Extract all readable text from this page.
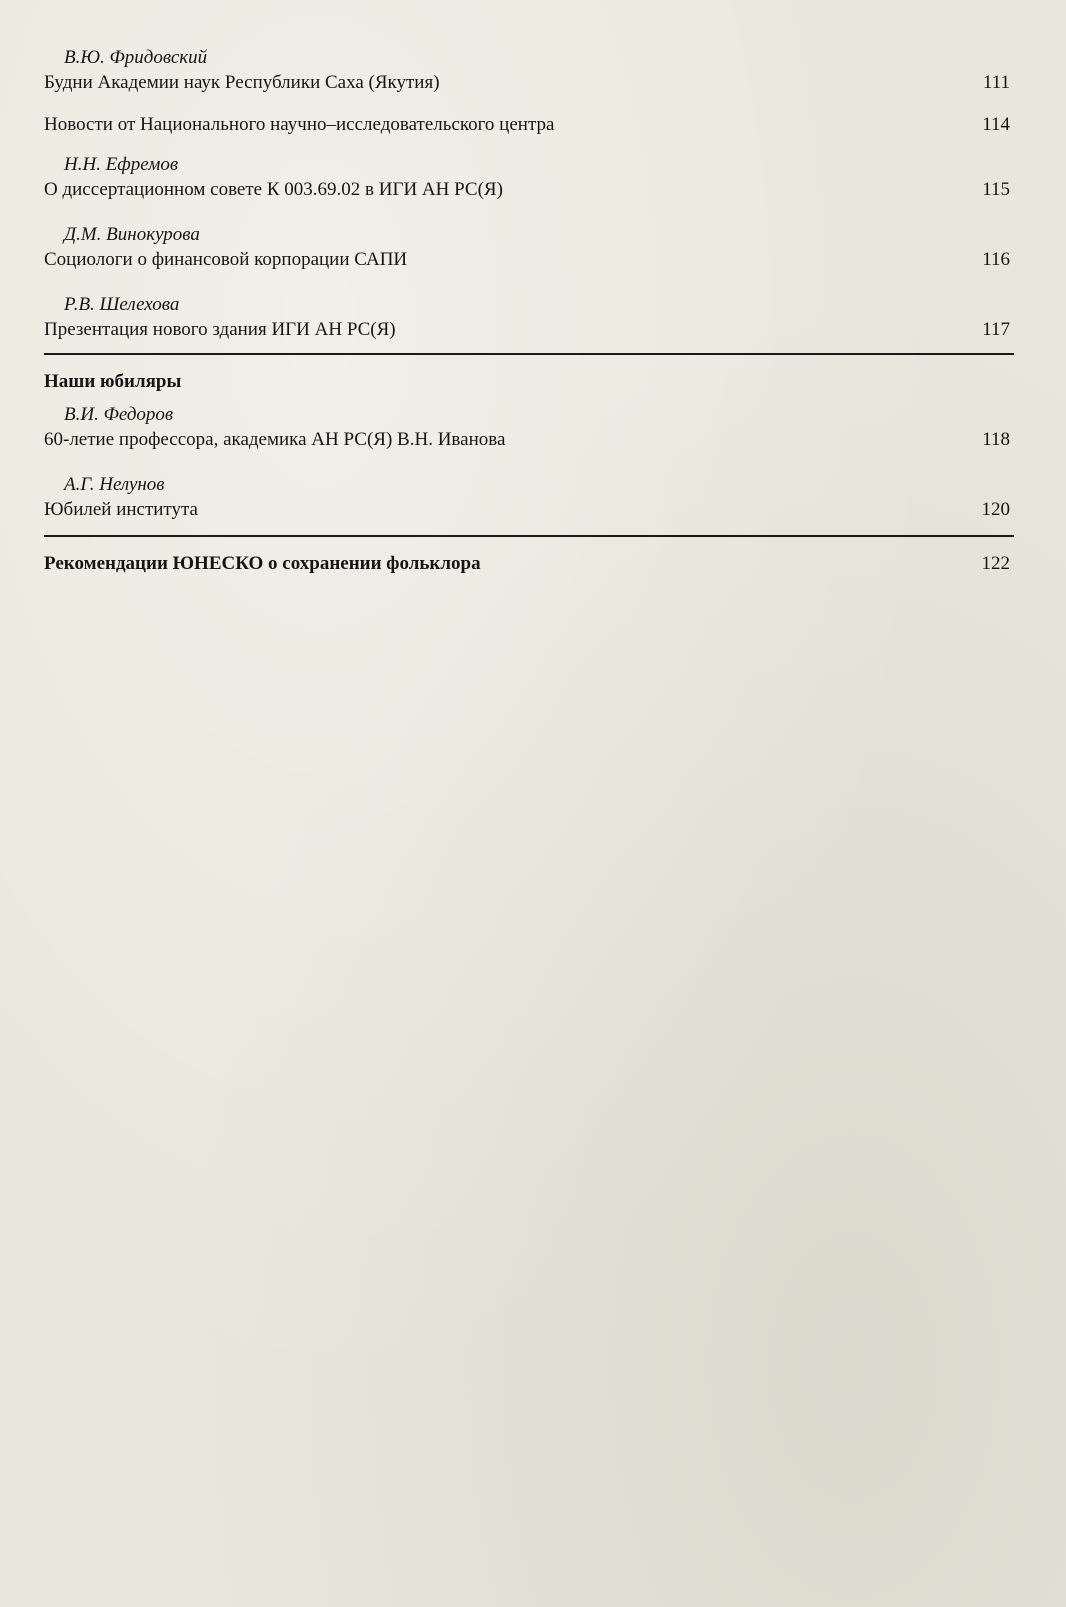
В.Ю. Фридовский

Будни Академии наук Республики Саха (Якутия)	111
Новости от Национального научно–исследовательского центра	114

Н.Н. Ефремов

О диссертационном совете К 003.69.02 в ИГИ АН РС(Я)	115

Д.М. Винокурова

Социологи о финансовой корпорации САПИ	116

Р.В. Шелехова

Презентация нового здания ИГИ АН РС(Я)	117
Наши юбиляры

В.И. Федоров

60-летие профессора, академика АН РС(Я) В.Н. Иванова	118

А.Г. Нелунов

Юбилей института	120
Рекомендации ЮНЕСКО о сохранении фольклора	122
